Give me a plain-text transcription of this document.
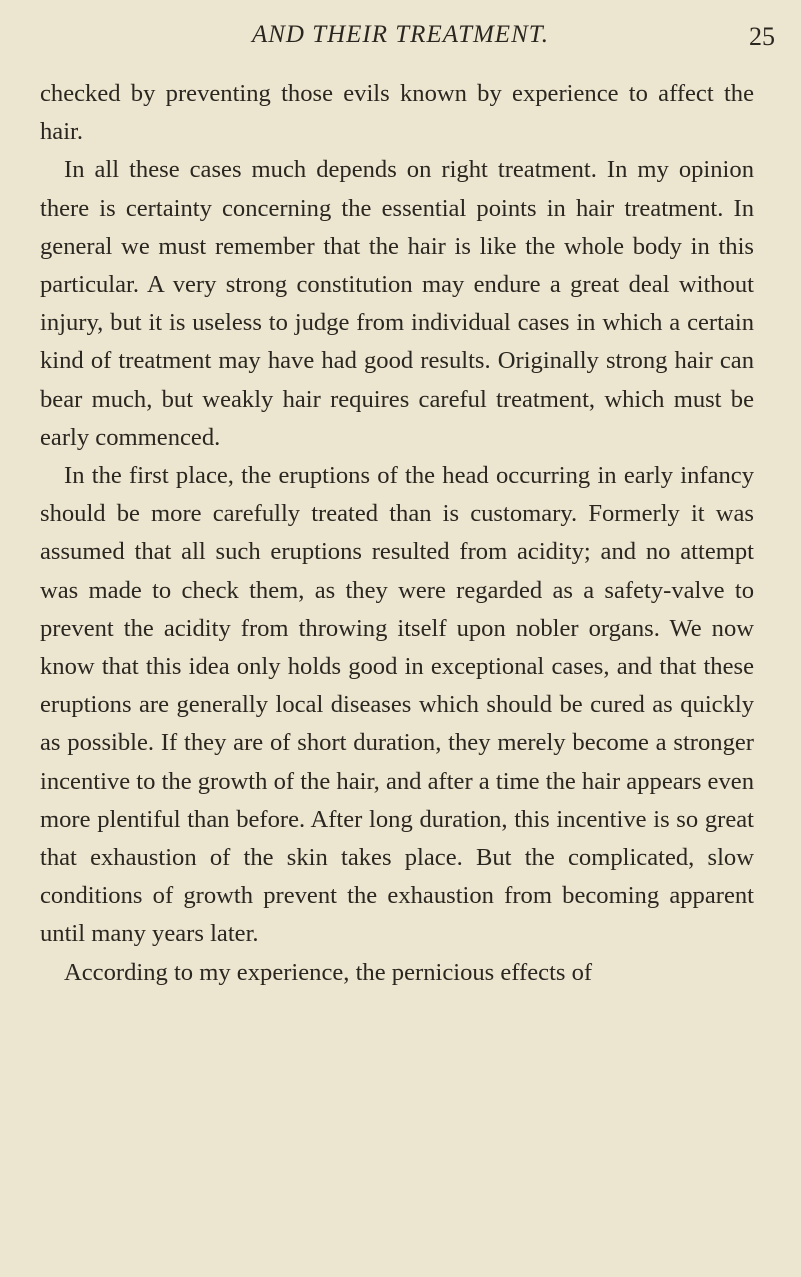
AND THEIR TREATMENT.	25

checked by preventing those evils known by experience to affect the hair.

In all these cases much depends on right treatment. In my opinion there is certainty concerning the essential points in hair treatment. In general we must remember that the hair is like the whole body in this particular. A very strong constitution may endure a great deal without injury, but it is useless to judge from individual cases in which a certain kind of treatment may have had good results. Originally strong hair can bear much, but weakly hair requires careful treatment, which must be early commenced.

In the first place, the eruptions of the head occurring in early infancy should be more carefully treated than is customary. Formerly it was assumed that all such eruptions resulted from acidity; and no attempt was made to check them, as they were regarded as a safety-valve to prevent the acidity from throwing itself upon nobler organs. We now know that this idea only holds good in exceptional cases, and that these eruptions are generally local diseases which should be cured as quickly as possible. If they are of short duration, they merely become a stronger incentive to the growth of the hair, and after a time the hair appears even more plentiful than before. After long duration, this incentive is so great that exhaustion of the skin takes place. But the complicated, slow conditions of growth prevent the exhaustion from becoming apparent until many years later.

According to my experience, the pernicious effects of
